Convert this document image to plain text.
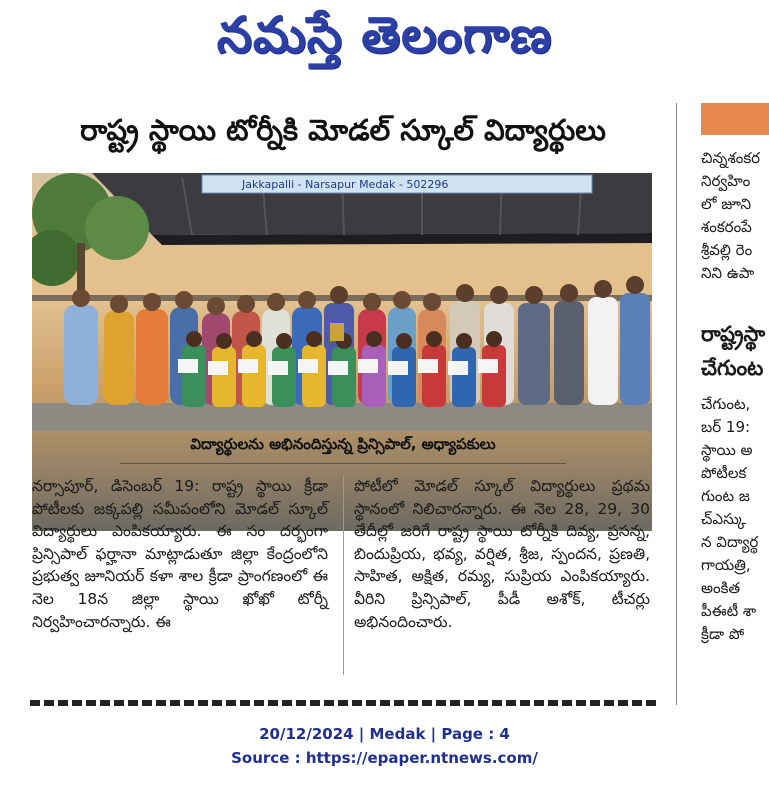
నమస్తే తెలంగాణ
రాష్ట్ర స్థాయి టోర్నీకి మోడల్ స్కూల్ విద్యార్థులు
Jakkapalli - Narsapur Medak - 502296
విద్యార్థులను అభినందిస్తున్న ప్రిన్సిపాల్, అధ్యాపకులు
నర్సాపూర్, డిసెంబర్ 19: రాష్ట్ర స్థాయి క్రీడా పోటీలకు జక్కపల్లి సమీపంలోని మోడల్ స్కూల్ విద్యార్థులు ఎంపికయ్యారు. ఈ సం దర్భంగా ప్రిన్సిపాల్ ఫర్హానా మాట్లాడుతూ జిల్లా కేంద్రంలోని ప్రభుత్వ జూనియర్ కళా శాల క్రీడా ప్రాంగణంలో ఈ నెల 18న జిల్లా స్థాయి ఖోఖో టోర్నీ నిర్వహించారన్నారు. ఈ
పోటీలో మోడల్ స్కూల్ విద్యార్థులు ప్రథమ స్థానంలో నిలిచారన్నారు. ఈ నెల 28, 29, 30 తేదీల్లో జరిగే రాష్ట్ర స్థాయి టోర్నీకి దివ్య, ప్రసన్న, బిందుప్రియ, భవ్య, వర్షిత, శ్రీజ, స్పందన, ప్రణతి, సాహిత, అక్షిత, రమ్య, సుప్రియ ఎంపికయ్యారు. వీరిని ప్రిన్సిపాల్, పీడీ అశోక్, టీచర్లు అభినందించారు.
చిన్నశంకర
నిర్వహిం
లో జూని
శంకరంపే
శ్రీవల్లి రెం
నిని ఉపా
రాష్ట్రస్థా
చేగుంట
చేగుంట,
బర్ 19:
స్థాయి అ
పోటీలక
గుంట జ
చ్‌ఎస్కు
న విద్యార్థ
గాయత్రి,
అంకిత
పీఈటీ శా
క్రీడా పో
20/12/2024 | Medak | Page : 4
Source : https://epaper.ntnews.com/
